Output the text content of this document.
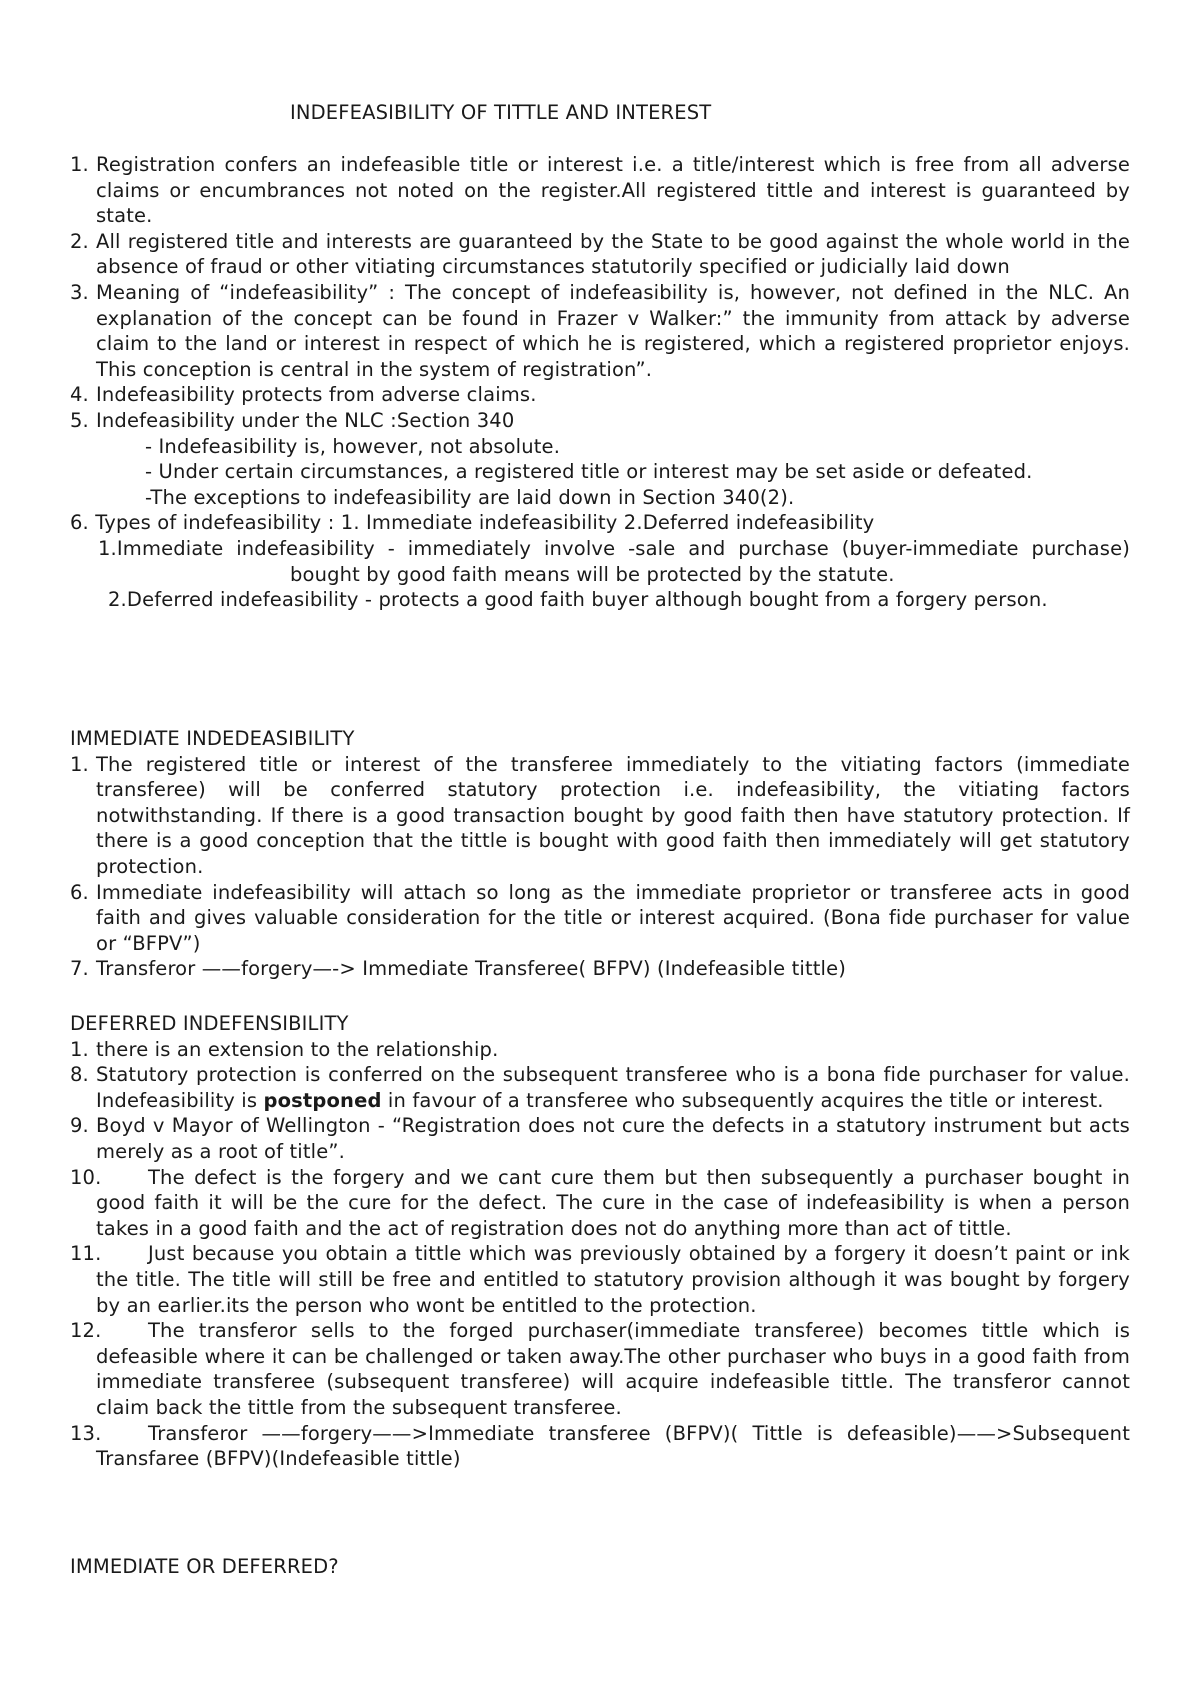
INDEFEASIBILITY OF TITTLE AND INTEREST
1. Registration confers an indefeasible title or interest i.e. a title/interest which is free from all adverse claims or encumbrances not noted on the register.All registered tittle and interest is guaranteed by state.
2. All registered title and interests are guaranteed by the State to be good against the whole world in the absence of fraud or other vitiating circumstances statutorily specified or judicially laid down
3. Meaning of “indefeasibility” : The concept of indefeasibility is, however, not defined in the NLC. An explanation of the concept can be found in Frazer v Walker:” the immunity from attack by adverse claim to the land or interest in respect of which he is registered, which a registered proprietor enjoys. This conception is central in the system of registration”.
4. Indefeasibility protects from adverse claims.
5. Indefeasibility under the NLC :Section 340
- Indefeasibility is, however, not absolute.
- Under certain circumstances, a registered title or interest may be set aside or defeated.
-The exceptions to indefeasibility are laid down in Section 340(2).
6. Types of indefeasibility : 1. Immediate indefeasibility 2.Deferred indefeasibility
1.Immediate indefeasibility - immediately involve -sale and purchase (buyer-immediate purchase)bought by good faith means will be protected by the statute.
2.Deferred indefeasibility - protects a good faith buyer although bought from a forgery person.
IMMEDIATE INDEDEASIBILITY
1. The registered title or interest of the transferee immediately to the vitiating factors (immediate transferee) will be conferred statutory protection i.e. indefeasibility, the vitiating factors notwithstanding. If there is a good transaction bought by good faith then have statutory protection. If there is a good conception that the tittle is bought with good faith then immediately will get statutory protection.
6. Immediate indefeasibility will attach so long as the immediate proprietor or transferee acts in good faith and gives valuable consideration for the title or interest acquired. (Bona fide purchaser for value or “BFPV”)
7. Transferor ——forgery—-> Immediate Transferee( BFPV) (Indefeasible tittle)
DEFERRED INDEFENSIBILITY
1. there is an extension to the relationship.
8. Statutory protection is conferred on the subsequent transferee who is a bona fide purchaser for value. Indefeasibility is postponed in favour of a transferee who subsequently acquires the title or interest.
9. Boyd v Mayor of Wellington - “Registration does not cure the defects in a statutory instrument but acts merely as a root of title”.
10.	The defect is the forgery and we cant cure them but then subsequently a purchaser bought in good faith it will be the cure for the defect. The cure in the case of indefeasibility is when a person takes in a good faith and the act of registration does not do anything more than act of tittle.
11.	Just because you obtain a tittle which was previously obtained by a forgery it doesn’t paint or ink the title. The title will still be free and entitled to statutory provision although it was bought by forgery by an earlier.its the person who wont be entitled to the protection.
12.	The transferor sells to the forged purchaser(immediate transferee) becomes tittle which is defeasible where it can be challenged or taken away.The other purchaser who buys in a good faith from immediate transferee (subsequent transferee) will acquire indefeasible tittle. The transferor cannot claim back the tittle from the subsequent transferee.
13.	Transferor ——forgery——>Immediate transferee (BFPV)( Tittle is defeasible)——>Subsequent Transfaree (BFPV)(Indefeasible tittle)
IMMEDIATE OR DEFERRED?
